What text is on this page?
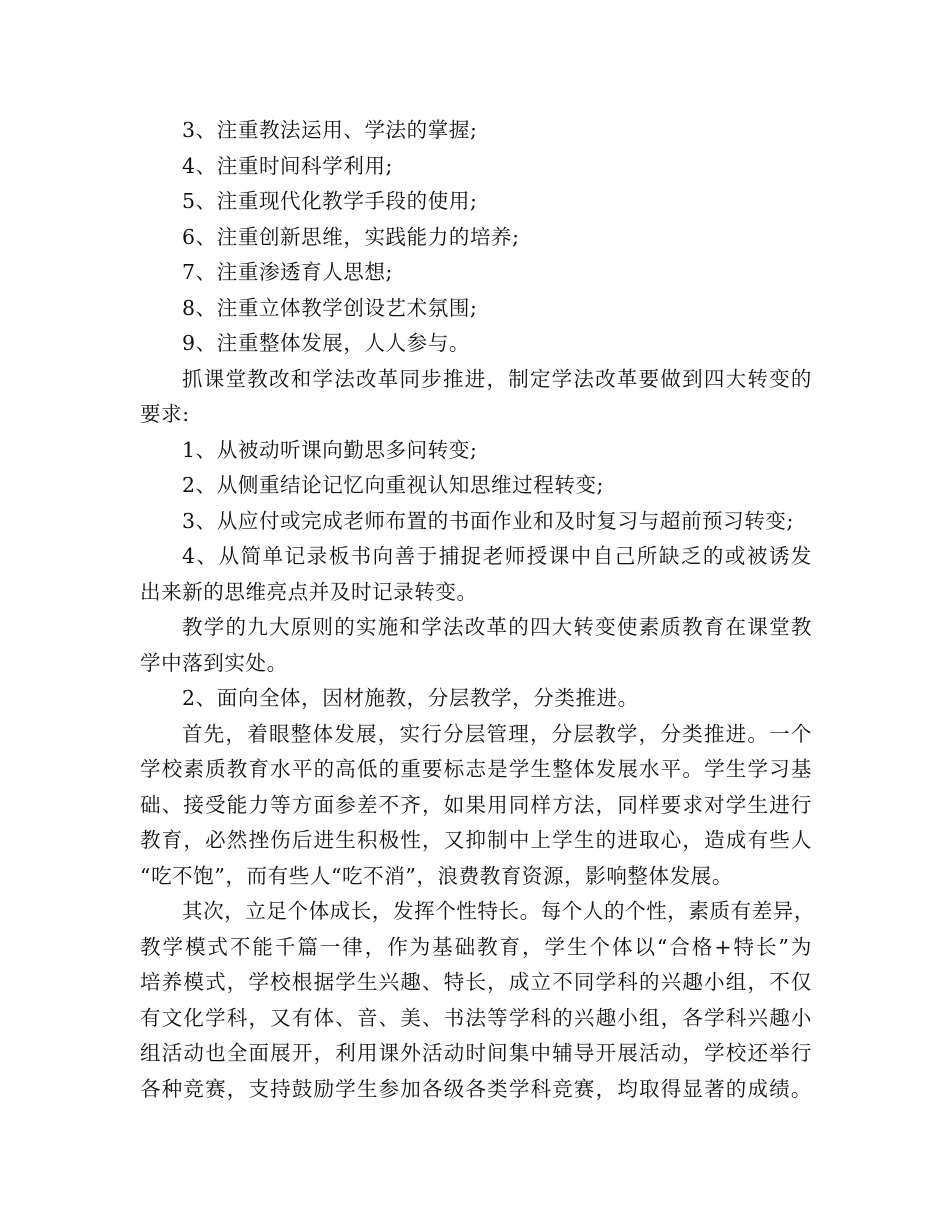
3、注重教法运用、学法的掌握;
4、注重时间科学利用;
5、注重现代化教学手段的使用;
6、注重创新思维，实践能力的培养;
7、注重渗透育人思想;
8、注重立体教学创设艺术氛围;
9、注重整体发展，人人参与。
抓课堂教改和学法改革同步推进，制定学法改革要做到四大转变的
要求:
1、从被动听课向勤思多问转变;
2、从侧重结论记忆向重视认知思维过程转变;
3、从应付或完成老师布置的书面作业和及时复习与超前预习转变;
4、从简单记录板书向善于捕捉老师授课中自己所缺乏的或被诱发
出来新的思维亮点并及时记录转变。
教学的九大原则的实施和学法改革的四大转变使素质教育在课堂教
学中落到实处。
2、面向全体，因材施教，分层教学，分类推进。
首先，着眼整体发展，实行分层管理，分层教学，分类推进。一个
学校素质教育水平的高低的重要标志是学生整体发展水平。学生学习基
础、接受能力等方面参差不齐，如果用同样方法，同样要求对学生进行
教育，必然挫伤后进生积极性，又抑制中上学生的进取心，造成有些人
“吃不饱”，而有些人“吃不消”，浪费教育资源，影响整体发展。
其次，立足个体成长，发挥个性特长。每个人的个性，素质有差异，
教学模式不能千篇一律，作为基础教育，学生个体以“合格+特长”为
培养模式，学校根据学生兴趣、特长，成立不同学科的兴趣小组，不仅
有文化学科，又有体、音、美、书法等学科的兴趣小组，各学科兴趣小
组活动也全面展开，利用课外活动时间集中辅导开展活动，学校还举行
各种竞赛，支持鼓励学生参加各级各类学科竞赛，均取得显著的成绩。
